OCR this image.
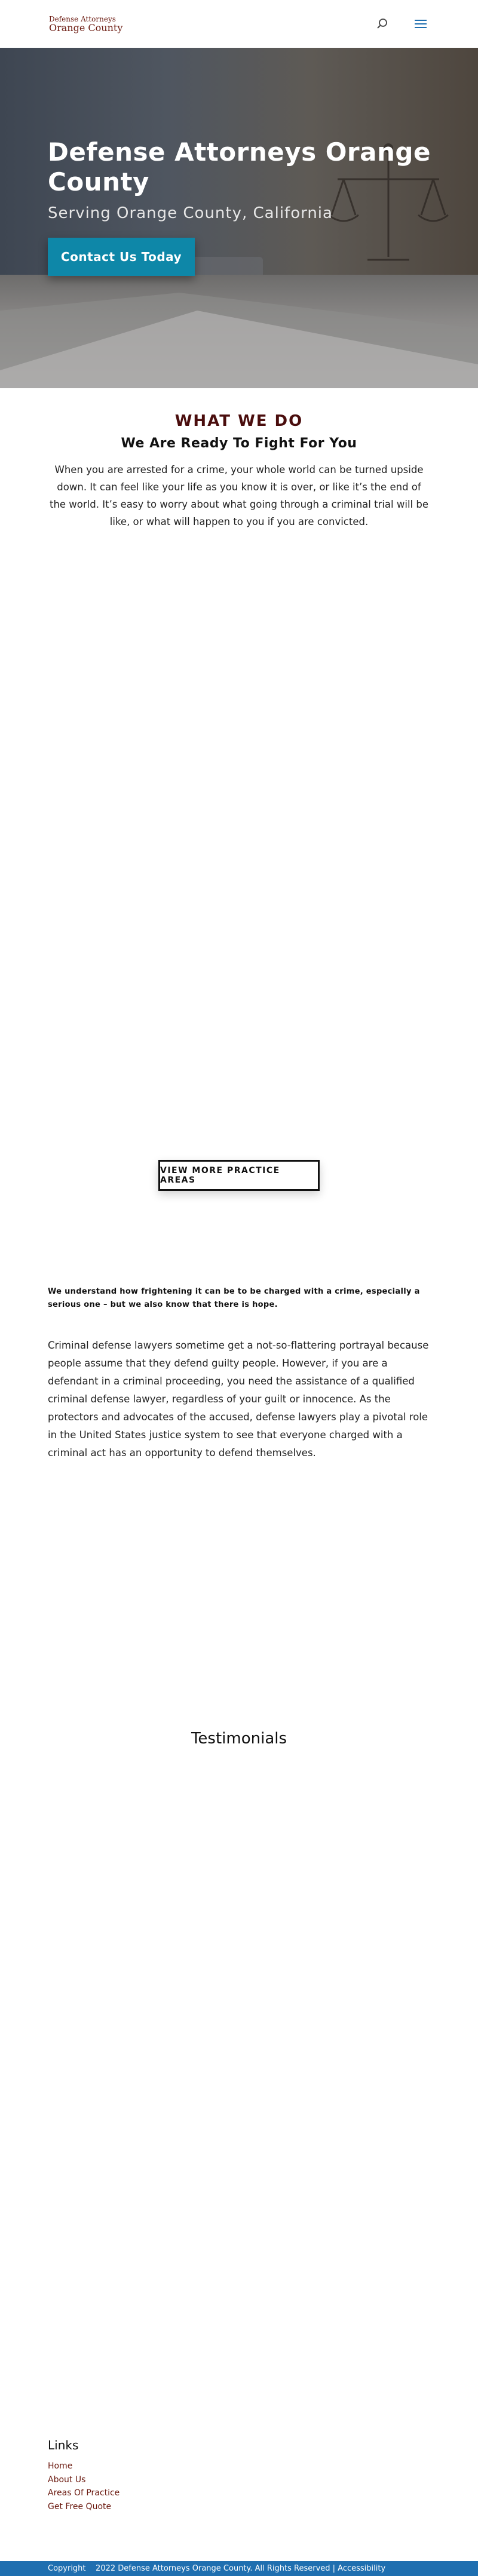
Defense Attorneys
Orange County
Defense Attorneys Orange County
Serving Orange County, California
Contact Us Today
WHAT WE DO
We Are Ready To Fight For You
When you are arrested for a crime, your whole world can be turned upside down. It can feel like your life as you know it is over, or like it’s the end of the world. It’s easy to worry about what going through a criminal trial will be like, or what will happen to you if you are convicted.
VIEW MORE PRACTICE AREAS
We understand how frightening it can be to be charged with a crime, especially a serious one – but we also know that there is hope.
Criminal defense lawyers sometime get a not-so-flattering portrayal because people assume that they defend guilty people. However, if you are a defendant in a criminal proceeding, you need the assistance of a qualified criminal defense lawyer, regardless of your guilt or innocence. As the protectors and advocates of the accused, defense lawyers play a pivotal role in the United States justice system to see that everyone charged with a criminal act has an opportunity to defend themselves.
Testimonials
Links
Home
About Us
Areas Of Practice
Get Free Quote
Copyright    2022 Defense Attorneys Orange County. All Rights Reserved | Accessibility
